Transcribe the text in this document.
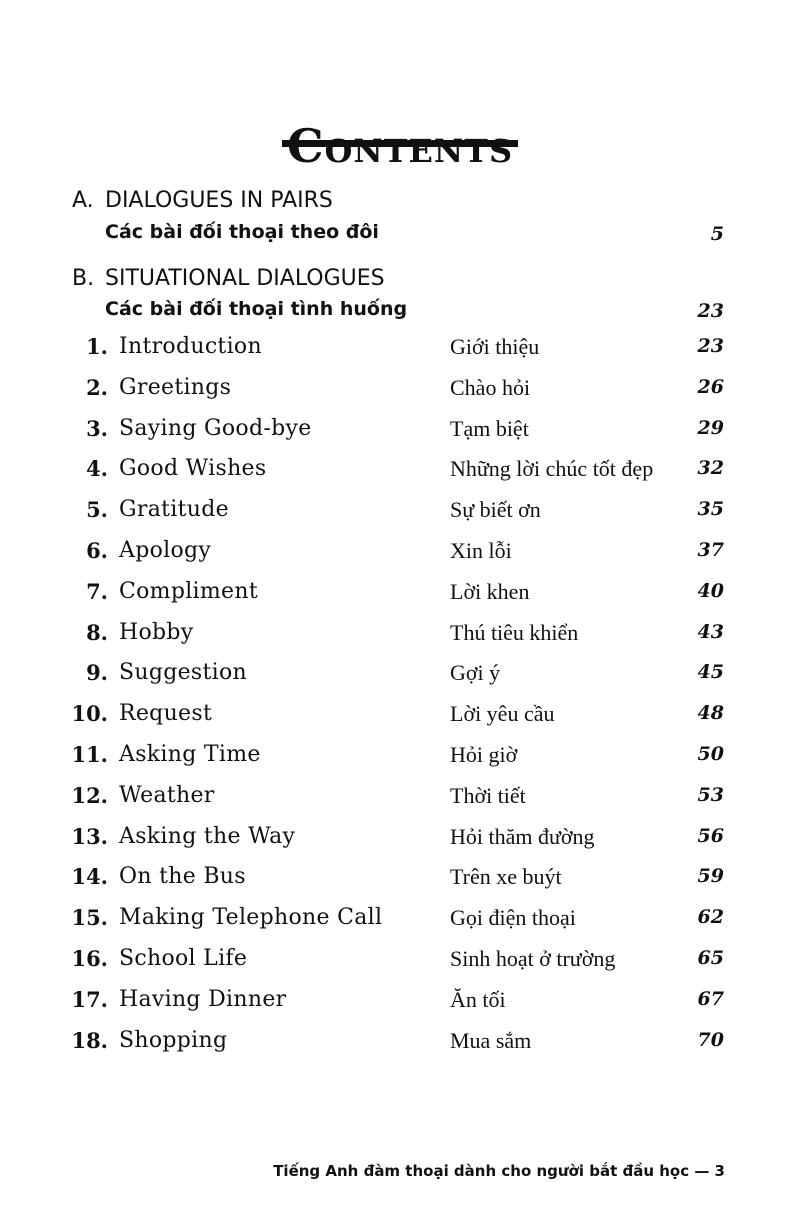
A. DIALOGUES IN PAIRS
Các bài đối thoại theo đôi	5
B. SITUATIONAL DIALOGUES
Các bài đối thoại tình huống	23
1. Introduction	Giới thiệu	23
2. Greetings	Chào hỏi	26
3. Saying Good-bye	Tạm biệt	29
4. Good Wishes	Những lời chúc tốt đẹp	32
5. Gratitude	Sự biết ơn	35
6. Apology	Xin lỗi	37
7. Compliment	Lời khen	40
8. Hobby	Thú tiêu khiển	43
9. Suggestion	Gợi ý	45
10. Request	Lời yêu cầu	48
11. Asking Time	Hỏi giờ	50
12. Weather	Thời tiết	53
13. Asking the Way	Hỏi thăm đường	56
14. On the Bus	Trên xe buýt	59
15. Making Telephone Call	Gọi điện thoại	62
16. School Life	Sinh hoạt ở trường	65
17. Having Dinner	Ăn tối	67
18. Shopping	Mua sắm	70
Tiếng Anh đàm thoại dành cho người bắt đầu học — 3
